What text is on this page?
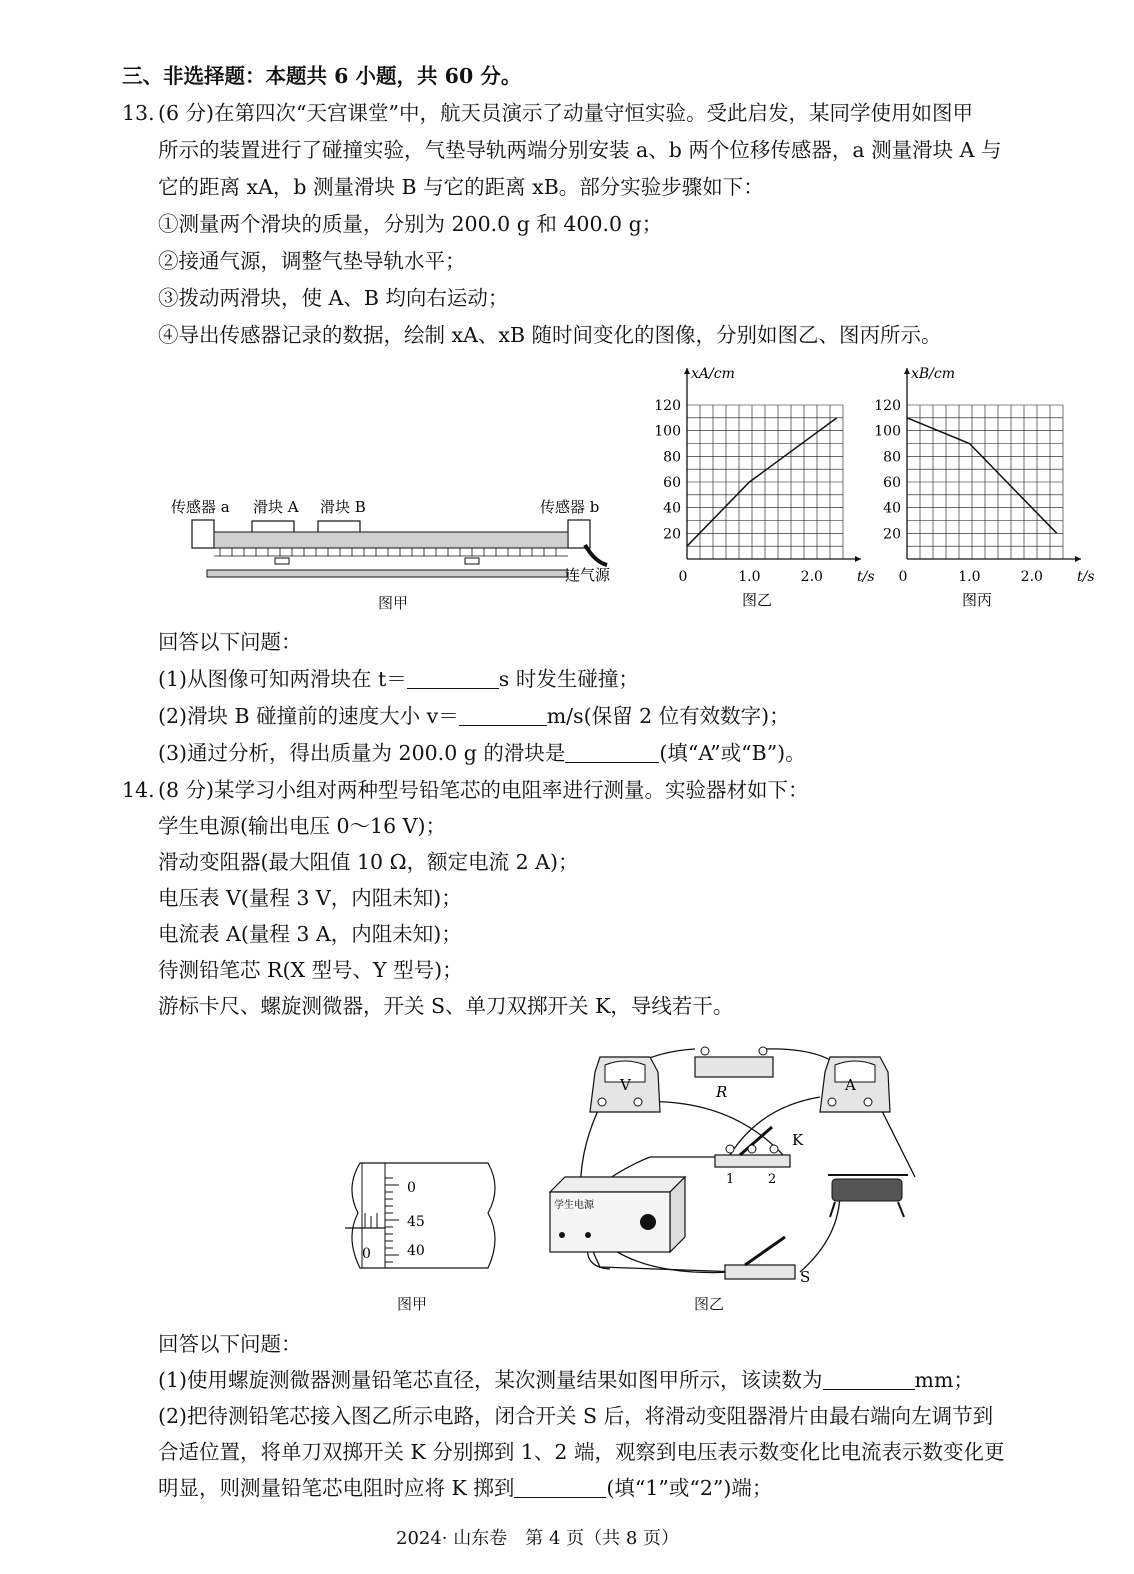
三、非选择题：本题共 6 小题，共 60 分。
13. (6 分)在第四次“天宫课堂”中，航天员演示了动量守恒实验。受此启发，某同学使用如图甲
所示的装置进行了碰撞实验，气垫导轨两端分别安装 a、b 两个位移传感器，a 测量滑块 A 与
它的距离 xA，b 测量滑块 B 与它的距离 xB。部分实验步骤如下：
①测量两个滑块的质量，分别为 200.0 g 和 400.0 g；
②接通气源，调整气垫导轨水平；
③拨动两滑块，使 A、B 均向右运动；
④导出传感器记录的数据，绘制 xA、xB 随时间变化的图像，分别如图乙、图丙所示。
传感器 a 滑块 A 滑块 B	传感器 b
连气源
图甲
xA/cm
t/s
20
40
60
80
100
120
0	1.0	2.0
图乙
xB/cm
t/s
20
40
60
80
100
120
0	1.0	2.0
图丙
回答以下问题：
(1)从图像可知两滑块在 t＝	s 时发生碰撞；
(2)滑块 B 碰撞前的速度大小 v＝	m/s(保留 2 位有效数字)；
(3)通过分析，得出质量为 200.0 g 的滑块是	(填“A”或“B”)。
14. (8 分)某学习小组对两种型号铅笔芯的电阻率进行测量。实验器材如下：
学生电源(输出电压 0～16 V)；
滑动变阻器(最大阻值 10 Ω，额定电流 2 A)；
电压表 V(量程 3 V，内阻未知)；
电流表 A(量程 3 A，内阻未知)；
待测铅笔芯 R(X 型号、Y 型号)；
游标卡尺、螺旋测微器，开关 S、单刀双掷开关 K，导线若干。
0
0
45
40
图甲
V	R	A
K
1	2
学生电源
S
图乙
回答以下问题：
(1)使用螺旋测微器测量铅笔芯直径，某次测量结果如图甲所示，该读数为	mm；
(2)把待测铅笔芯接入图乙所示电路，闭合开关 S 后，将滑动变阻器滑片由最右端向左调节到
合适位置，将单刀双掷开关 K 分别掷到 1、2 端，观察到电压表示数变化比电流表示数变化更
明显，则测量铅笔芯电阻时应将 K 掷到	(填“1”或“2”)端；
2024· 山东卷　第 4 页（共 8 页）
